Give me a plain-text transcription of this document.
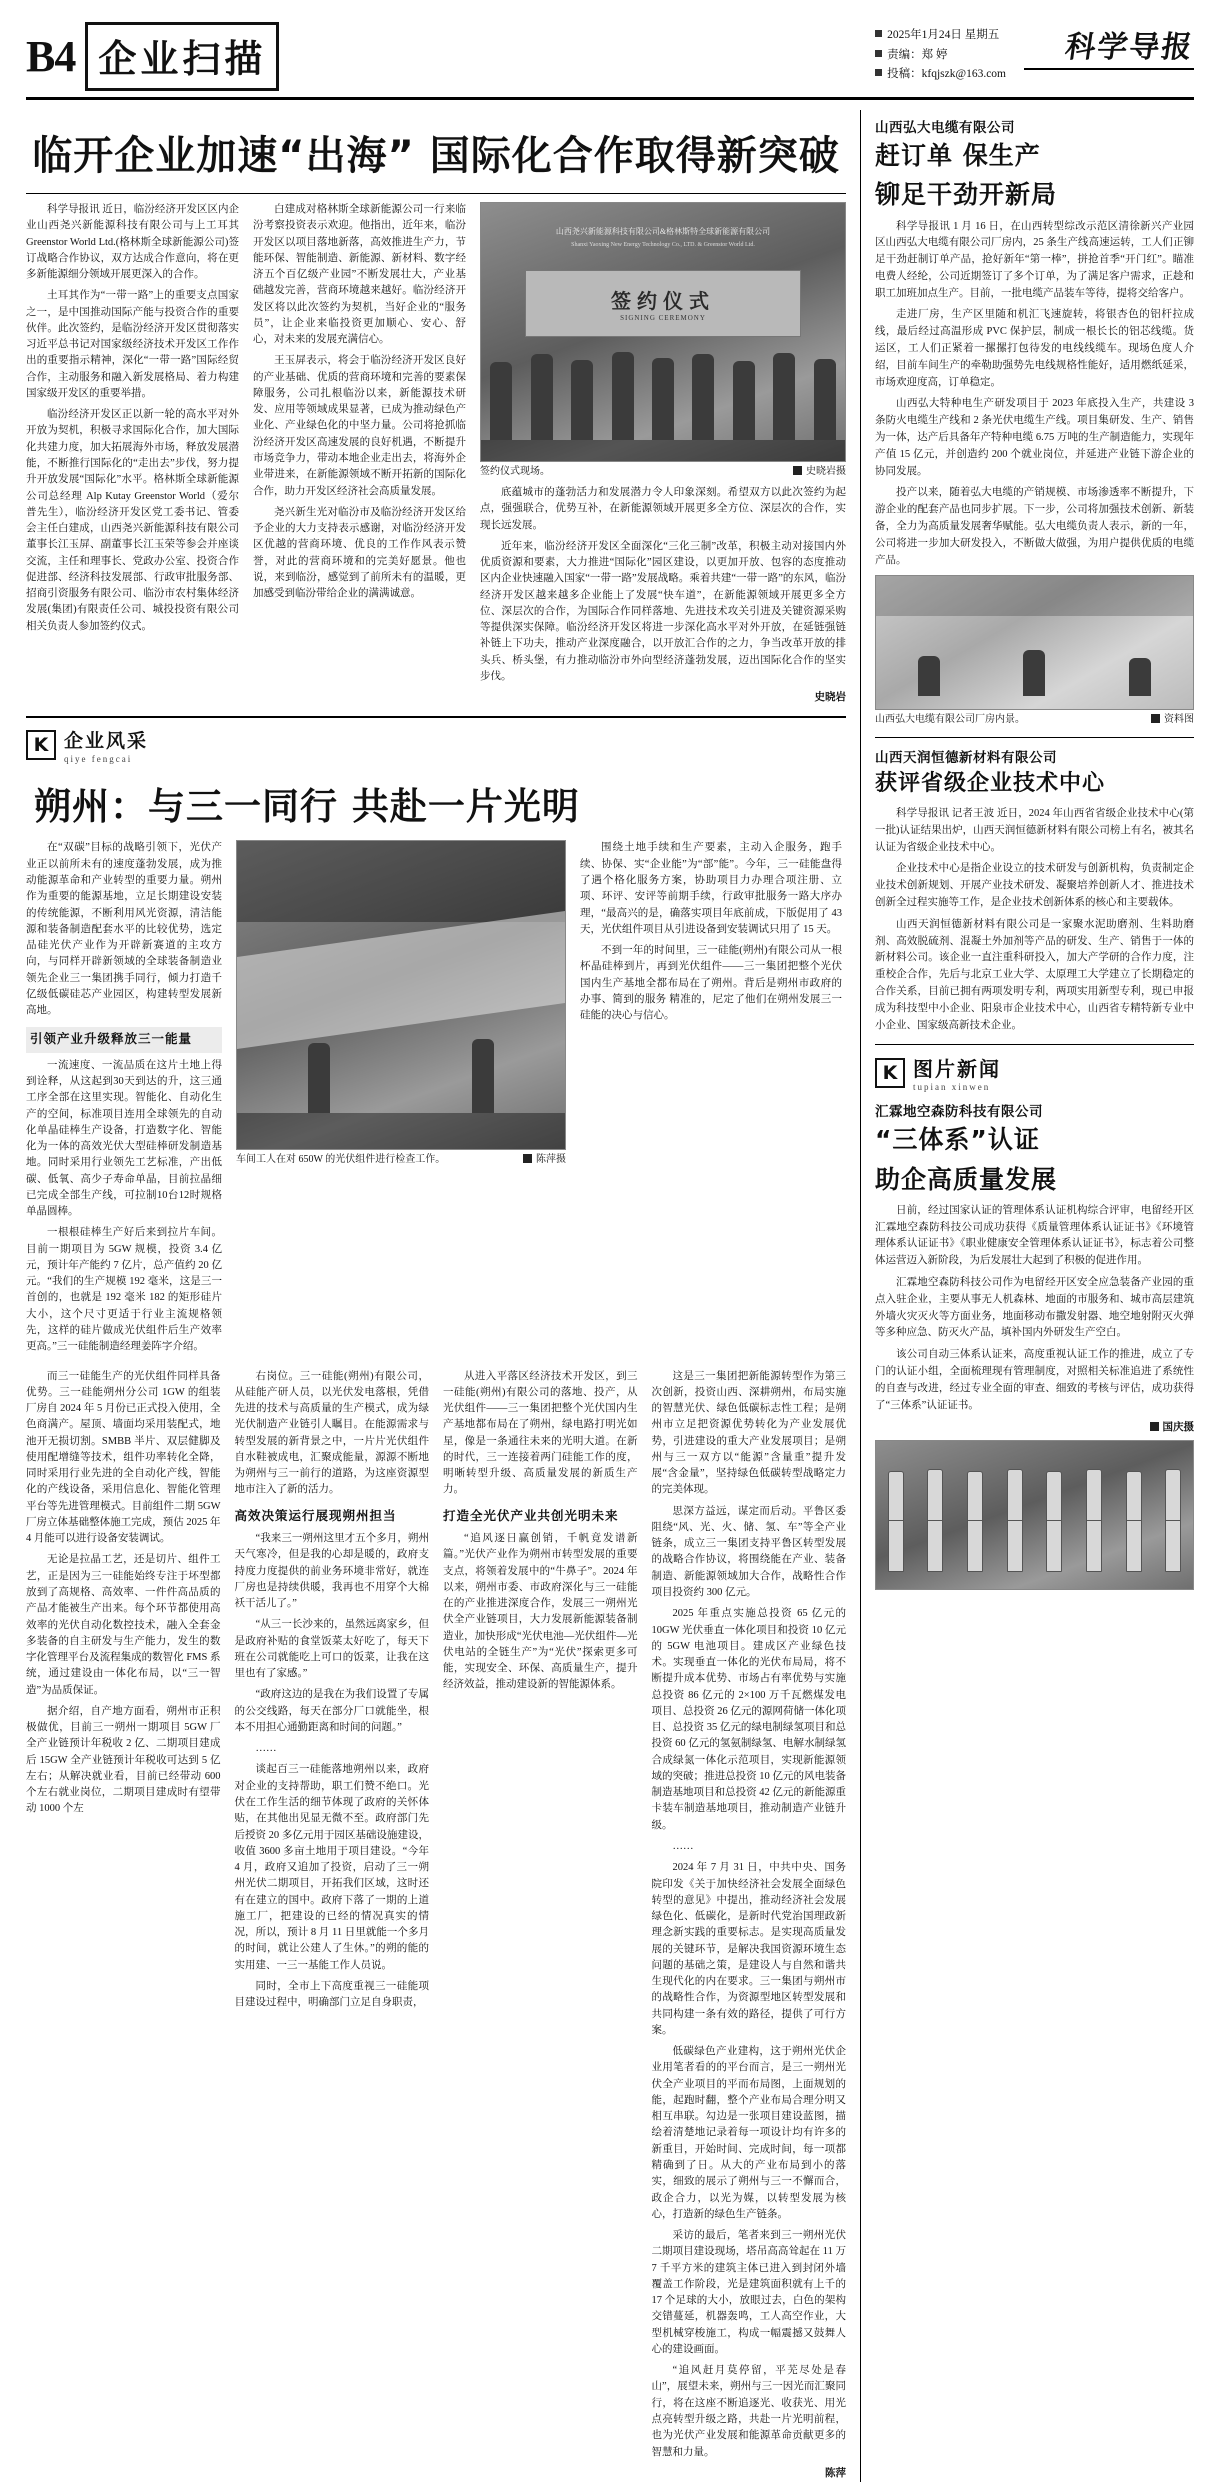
B4 企业扫描
2025年1月24日 星期五
责编：郑 婷
投稿：kfqjszk@163.com
科学导报
临开企业加速“出海” 国际化合作取得新突破

科学导报讯 近日，临汾经济开发区区内企业山西尧兴新能源科技有限公司与上工耳其Greenstor World Ltd.(格林斯全球新能源公司)签订战略合作协议，双方达成合作意向，将在更多新能源细分领域开展更深入的合作。

土耳其作为“一带一路”上的重要支点国家之一，是中国推动国际产能与投资合作的重要伙伴。此次签约，是临汾经济开发区贯彻落实习近平总书记对国家级经济技术开发区工作作出的重要指示精神，深化“一带一路”国际经贸合作，主动服务和融入新发展格局、着力构建国家级开发区的重要举措。

临汾经济开发区正以新一轮的高水平对外开放为契机，积极寻求国际化合作，加大国际化共建力度，加大拓展海外市场，释放发展潜能，不断推行国际化的“走出去”步伐，努力提升开放发展“国际化”水平。格林斯全球新能源公司总经理 Alp Kutay Greenstor World（爱尔普先生），临汾经济开发区党工委书记、管委会主任白建成，山西尧兴新能源科技有限公司董事长江玉屏、副董事长江玉荣等参会并座谈交流，主任和理事长、党政办公室、投资合作促进部、经济科技发展部、行政审批服务部、招商引资服务有限公司、临汾市农村集体经济发展(集团)有限责任公司、城投投资有限公司相关负责人参加签约仪式。

白建成对格林斯全球新能源公司一行来临汾考察投资表示欢迎。他指出，近年来，临汾开发区以项目落地新落，高效推进生产力，节能环保、智能制造、新能源、新材料、数字经济五个百亿级产业园”不断发展壮大，产业基础越发完善，营商环境越来越好。临汾经济开发区将以此次签约为契机，当好企业的“服务员”，让企业来临投资更加顺心、安心、舒心，对未来的发展充满信心。

王玉屏表示，将会于临汾经济开发区良好的产业基础、优质的营商环境和完善的要素保障服务，公司扎根临汾以来，新能源技术研发、应用等领域成果显著，已成为推动绿色产业化、产业绿色化的中坚力量。公司将抢抓临汾经济开发区高速发展的良好机遇，不断提升市场竞争力，带动本地企业走出去，将海外企业带进来，在新能源领域不断开拓新的国际化合作，助力开发区经济社会高质量发展。

尧兴新生光对临汾市及临汾经济开发区给予企业的大力支持表示感谢，对临汾经济开发区优越的营商环境、优良的工作作风表示赞誉，对此的营商环境和的完美好愿景。他也说，来到临汾，感觉到了前所未有的温暖，更加感受到临汾带给企业的满满诚意。

签约仪式
SIGNING CEREMONY
山西尧兴新能源科技有限公司&格林斯特全球新能源有限公司
Shanxi Yaoxing New Energy Technology Co., LTD. & Greenstor World Ltd.
史晓岩摄
签约仪式现场。

底蕴城市的蓬勃活力和发展潜力令人印象深刻。希望双方以此次签约为起点，强强联合，优势互补，在新能源领域开展更多全方位、深层次的合作，实现长远发展。

近年来，临汾经济开发区全面深化“三化三制”改革，积极主动对接国内外优质资源和要素，大力推进“国际化”园区建设，以更加开放、包容的态度推动区内企业快速融入国家“一带一路”发展战略。乘着共建“一带一路”的东风，临汾经济开发区越来越多企业能上了发展“快车道”，在新能源领域开展更多全方位、深层次的合作，为国际合作同样落地、先进技术攻关引进及关键资源采购等提供深实保障。临汾经济开发区将进一步深化高水平对外开放，在延链强链补链上下功夫，推动产业深度融合，以开放汇合作的之力，争当改革开放的排头兵、桥头堡，有力推动临汾市外向型经济蓬勃发展，迈出国际化合作的坚实步伐。

史晓岩
K 企业风采
qiye fengcai
朔州：与三一同行 共赴一片光明

在“双碳”目标的战略引领下，光伏产业正以前所未有的速度蓬勃发展，成为推动能源革命和产业转型的重要力量。朔州作为重要的能源基地，立足长期建设安装的传统能源，不断利用风光资源，清洁能源和装备制造配套水平的比较优势，选定品硅光伏产业作为开辟新赛道的主攻方向，与同样开辟新领域的全球装备制造业领先企业三一集团携手同行，倾力打造千亿级低碳硅芯产业园区，构建转型发展新高地。

引领产业升级释放三一能量

一流速度、一流品质在这片土地上得到诠释，从这起到30天到达的升，这三通工序全部在这里实现。智能化、自动化生产的空间，标准项目连用全球领先的自动化单晶硅棒生产设备，打造数字化、智能化为一体的高效光伏大型硅棒研发制造基地。同时采用行业领先工艺标准，产出低碳、低氧、高少子寿命单晶，目前拉晶细已完成全部生产线，可拉制10台12时规格单晶圆棒。

一根根硅棒生产好后来到拉片车间。目前一期项目为 5GW 规模，投资 3.4 亿元，预计年产能约 7 亿片，总产值约 20 亿元。“我们的生产规模 192 毫米，这是三一首创的，也就是 192 毫米 182 的矩形硅片大小，这个尺寸更适于行业主流规格领先，这样的硅片做成光伏组件后生产效率更高。”三一硅能制造经理姜阵字介绍。

陈萍摄
车间工人在对 650W 的光伏组件进行检查工作。

围绕土地手续和生产要素，主动入企服务，跑手续、协保、实“企业能”为“部”能”。今年，三一硅能盘得了遇个格化服务方案，协助项目力办理合项注册、立项、环评、安评等前期手续，行政审批服务一路大序办理，“最高兴的是，确落实项目年底前成，下版促用了 43 天，光伏组件项目从引进设备到安装调试只用了 15 天。

不到一年的时间里，三一硅能(朔州)有限公司从一根杯晶硅棒到片，再到光伏组件——三一集团把整个光伏国内生产基地全都布局在了朔州。背后是朔州市政府的办事、简到的服务 精准的，尼定了他们在朔州发展三一硅能的决心与信心。

而三一硅能生产的光伏组件同样具备优势。三一硅能朔州分公司 1GW 的组装厂房自 2024 年 5 月份已正式投入使用，全色商满产。屋顶、墙面均采用装配式，地池开无损切割。SMBB 半片、双层健脚及使用配增缝等技术，组件功率转化全降，同时采用行业先进的全自动化产线，智能化的产线设备，采用信息化、智能化管理平台等先进管理模式。目前组件二期 5GW 厂房立体基础整体施工完成，预估 2025 年 4 月能可以进行设备安装调试。

无论是拉晶工艺，还是切片、组件工艺，正是因为三一硅能始终专注于坏型都放到了高规格、高效率、一件件高品质的产品才能被生产出来。每个环节都使用高效率的光伏自动化数控技术，融入全套金多装备的自主研发与生产能力，发生的数字化管理平台及流程集成的数智化 FMS 系统，通过建设由一体化布局，以“三一智造”为品质保证。

据介绍，自产地方面看，朔州市正积极做优，目前三一朔州一期项目 5GW 厂全产业链预计年税收 2 亿、二期项目建成后 15GW 全产业链预计年税收可达到 5 亿左右；从解决就业看，目前已经带动 600 个左右就业岗位，二期项目建成时有望带动 1000 个左

右岗位。三一硅能(朔州)有限公司，从硅能产研人员，以光伏发电落根，凭借先进的技术与高质量的生产模式，成为绿光伏制造产业链引人瞩目。在能源需求与转型发展的新背景之中，一片片光伏组件自水鞋被成电，汇聚成能量，源源不断地为朔州与三一前行的道路，为这座资源型地市注入了新的活力。

高效决策运行展现朔州担当

“我来三一朔州这里才五个多月，朔州天气寒冷，但是我的心却是暖的，政府支持度力度提供的前业务环境非常好，就连厂房也是持续供暖，我再也不用穿个大棉袄干活儿了。”

“从三一长沙来的，虽然远离家乡，但是政府补贴的食堂饭菜太好吃了，每天下班在公司就能吃上可口的饭菜，让我在这里也有了家感。”

“政府这边的是我在为我们设置了专属的公交线路，每天在部分厂口就能坐，根本不用担心通勤距离和时间的问题。”

……

谈起百三一硅能落地朔州以来，政府对企业的支持帮助，职工们赞不绝口。光伏在工作生活的细节体现了政府的关怀体贴，在其他出见显无微不至。政府部门先后授资 20 多亿元用于园区基础设施建设，收值 3600 多亩土地用于项目建设。“今年 4 月，政府又追加了投资，启动了三一朔州光伏二期项目，开拓我们区域，这时还有在建立的国中。政府下落了一期的上道施工厂，把建设的已经的情况真实的情况，所以，预计 8 月 11 日里就能一个多月的时间，就让公建人了生休。”的朔的能的实用建、一三一基能工作人员说。

同时，全市上下高度重视三一硅能项目建设过程中，明确部门立足自身职责，

从进入平落区经济技术开发区，到三一硅能(朔州)有限公司的落地、投产，从光伏组件——三一集团把整个光伏国内生产基地都布局在了朔州，绿电路打明光如星，像是一条通往未来的光明大道。在新的时代，三一连接着两门硅能工作的度，明晰转型升级、高质量发展的新质生产力。

打造全光伏产业共创光明未来

“追风逐日赢创销，千帆竟发谱新篇。”光伏产业作为朔州市转型发展的重要支点，将领着发展中的“牛鼻子”。2024 年以来，朔州市委、市政府深化与三一硅能在的产业推进深度合作，发展三一朔州光伏全产业链项目，大力发展新能源装备制造业，加快形成“光伏电池—光伏组件—光伏电站的全链生产”为“光伏”探索更多可能，实现安全、环保、高质量生产，提升经济效益，推动建设新的智能源体系。

这是三一集团把新能源转型作为第三次创新，投资山西、深耕朔州，布局实施的智慧光伏、绿色低碳标志性工程；是朔州市立足把资源优势转化为产业发展优势，引进建设的重大产业发展项目；是朔州与三一双方以“能源”含量重”提升发展“含金量”，坚持绿色低碳转型战略定力的完美体现。

思深方益远，谋定而后动。平鲁区委阻绕“风、光、火、储、氢、车”等全产业链条，成立三一集团支持平鲁区转型发展的战略合作协议，将围绕能在产业、装备制造、新能源领域加大合作，战略性合作项目投资约 300 亿元。

2025 年重点实施总投资 65 亿元的 10GW 光伏垂直一体化项目和投资 10 亿元的 5GW 电池项目。建成区产业绿色技术。实现垂直一体化的光伏布局局，将不断提升成本优势、市场占有率优势与实施总投资 86 亿元的 2×100 万千瓦燃煤发电项目、总投资 26 亿元的源网荷储一体化项目、总投资 35 亿元的绿电制绿氢项目和总投资 60 亿元的氢氨制绿氢、电解水制绿氢合成绿氮一体化示范项目，实现新能源领域的突破；推进总投资 10 亿元的风电装备制造基地项目和总投资 42 亿元的新能源重卡装车制造基地项目，推动制造产业链升级。

……

2024 年 7 月 31 日，中共中央、国务院印发《关于加快经济社会发展全面绿色转型的意见》中提出，推动经济社会发展绿色化、低碳化，是新时代党治国理政新理念新实践的重要标志。是实现高质量发展的关键环节，是解决我国资源环境生态问题的基础之策，是建设人与自然和谐共生现代化的内在要求。三一集团与朔州市的战略性合作，为资源型地区转型发展和共同构建一条有效的路径，提供了可行方案。

低碳绿色产业建构，这于朔州光伏企业用笔者看的的平台而言，是三一朔州光伏全产业项目的平而布局图，上面规划的能，起跑时翻，整个产业布局合理分明又相互串联。勾边是一张项目建设蓝图，描绘着清楚地记录着每一项设计均有许多的新重目，开始时间、完成时间，每一项都精确到了日。从大的产业布局到小的落实，细致的展示了朔州与三一不懈而合，政企合力，以光为媒，以转型发展为核心，打造新的绿色生产链条。

采访的最后，笔者来到三一朔州光伏二期项目建设现场，塔吊高高耸起在 11 万 7 千平方米的建筑主体已进入到封闭外墙覆盖工作阶段，光是建筑面积就有上千的 17 个足球的大小，放眼过去，白色的架构交错蔓延，机器轰鸣，工人高空作业，大型机械穿梭施工，构成一幅震撼又鼓舞人心的建设画面。

“追风赶月莫停留，平芜尽处是春山”，展望未来，朔州与三一因光而汇聚同行，将在这座不断追逐光、收获光、用光点亮转型升级之路，共赴一片光明前程，也为光伏产业发展和能源革命贡献更多的智慧和力量。

陈萍
山西弘大电缆有限公司
赶订单 保生产
铆足干劲开新局

科学导报讯 1 月 16 日，在山西转型综改示范区清徐新兴产业园区山西弘大电缆有限公司厂房内，25 条生产线高速运转，工人们正铆足干劲赶制订单产品，抢好新年“第一棒”，拼抢首季“开门红”。瞄准电费人经纶，公司近期签订了多个订单，为了满足客户需求，正趁和职工加班加点生产。目前，一批电缆产品装车等待，提将交给客户。

走进厂房，生产区里随和机汇飞速旋转，将银杏色的铝杆拉成线，最后经过高温形成 PVC 保护层，制成一根长长的铝芯线缆。货运区，工人们正紧着一摞摞打包待发的电线线缆车。现场色度人介绍，目前车间生产的牵勒助强势先电线规格性能好，适用燃纸延采，市场欢迎度高，订单稳定。

山西弘大特种电生产研发项目于 2023 年底投入生产，共建设 3 条防火电缆生产线和 2 条光伏电缆生产线。项目集研发、生产、销售为一体，达产后具备年产特种电缆 6.75 万吨的生产制造能力，实现年产值 15 亿元，并创造约 200 个就业岗位，并延进产业链下游企业的协同发展。

投产以来，随着弘大电缆的产销规模、市场渗透率不断提升，下游企业的配套产品也同步扩展。下一步，公司将加强技术创新、新装备，全力为高质量发展奢华赋能。弘大电缆负责人表示，新的一年，公司将进一步加大研发投入，不断做大做强，为用户提供优质的电缆产品。

资料图
山西弘大电缆有限公司厂房内景。
山西天润恒德新材料有限公司
获评省级企业技术中心

科学导报讯 记者王波 近日，2024 年山西省省级企业技术中心(第一批)认证结果出炉，山西天润恒德新材料有限公司榜上有名，被其名认证为省级企业技术中心。

企业技术中心是指企业设立的技术研发与创新机构，负责制定企业技术创新规划、开展产业技术研发、凝聚培养创新人才、推进技术创新全过程实施等工作，是企业技术创新体系的核心和主要载体。

山西天润恒德新材料有限公司是一家聚水泥助磨剂、生料助磨剂、高效脱硫剂、混凝土外加剂等产品的研发、生产、销售于一体的新材料公司。该企业一直注重科研投入，加大产学研的合作力度，注重校企合作，先后与北京工业大学、太原理工大学建立了长期稳定的合作关系，目前已拥有两项发明专利，两项实用新型专利，现已申报成为科技型中小企业、阳泉市企业技术中心，山西省专精特新专业中小企业、国家级高新技术企业。

K 图片新闻
tupian xinwen
汇霖地空森防科技有限公司
“三体系”认证
助企高质量发展

日前，经过国家认证的管理体系认证机构综合评审，电留经开区汇霖地空森防科技公司成功获得《质量管理体系认证证书》《环境管理体系认证证书》《职业健康安全管理体系认证证书》，标志着公司整体运营迈入新阶段，为后发展壮大起到了积极的促进作用。

汇霖地空森防科技公司作为电留经开区安全应急装备产业园的重点入驻企业，主要从事无人机森林、地面的市服务和、城市高层建筑外墙火灾灭火等方面业务，地面移动布撒发射器、地空地射附灭火弹等多种应急、防灭火产品，填补国内外研发生产空白。

该公司自动三体系认证来，高度重视认证工作的推进，成立了专门的认证小组，全面梳理现有管理制度，对照相关标准追进了系统性的自查与改进，经过专业全面的审查、细致的考核与评估，成功获得了“三体系”认证证书。

国庆摄
